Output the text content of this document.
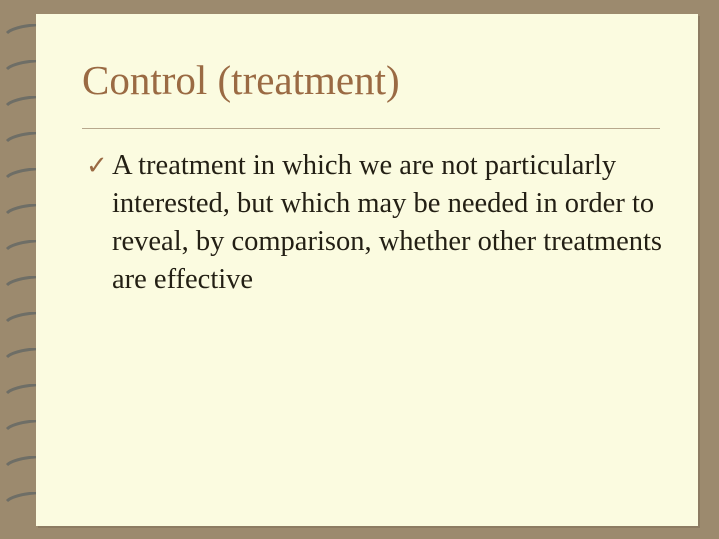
Control (treatment)
✓ A treatment in which we are not particularly interested, but which may be needed in order to reveal, by comparison, whether other treatments are effective
